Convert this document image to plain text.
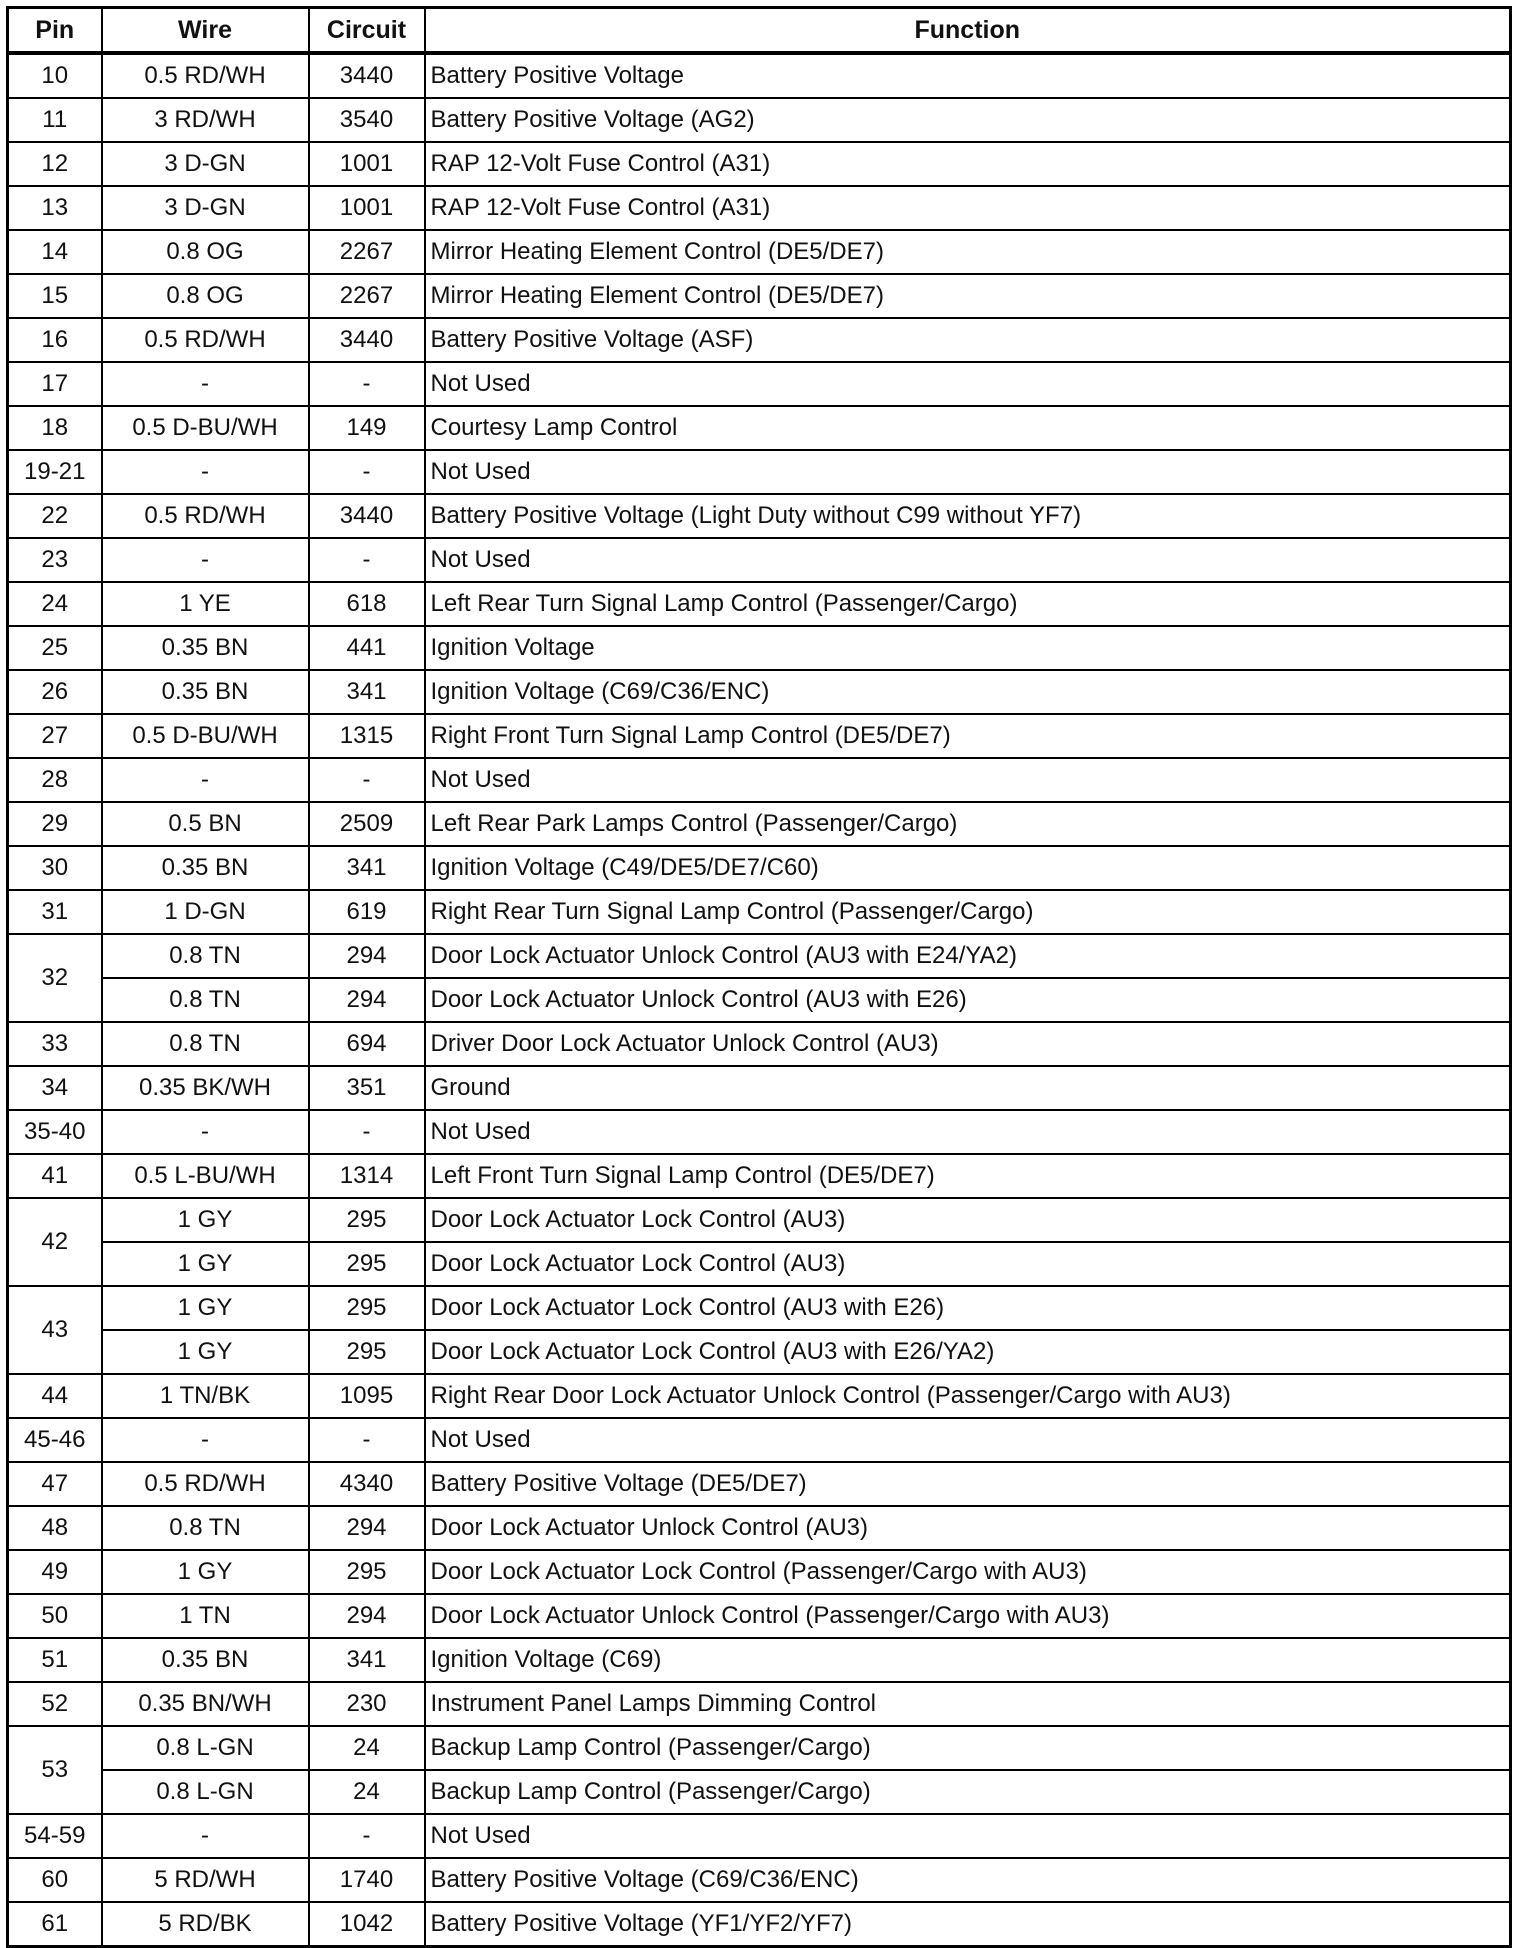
Pin	Wire	Circuit	Function
10	0.5 RD/WH	3440	Battery Positive Voltage
11	3 RD/WH	3540	Battery Positive Voltage (AG2)
12	3 D-GN	1001	RAP 12-Volt Fuse Control (A31)
13	3 D-GN	1001	RAP 12-Volt Fuse Control (A31)
14	0.8 OG	2267	Mirror Heating Element Control (DE5/DE7)
15	0.8 OG	2267	Mirror Heating Element Control (DE5/DE7)
16	0.5 RD/WH	3440	Battery Positive Voltage (ASF)
17	-	-	Not Used
18	0.5 D-BU/WH	149	Courtesy Lamp Control
19-21	-	-	Not Used
22	0.5 RD/WH	3440	Battery Positive Voltage (Light Duty without C99 without YF7)
23	-	-	Not Used
24	1 YE	618	Left Rear Turn Signal Lamp Control (Passenger/Cargo)
25	0.35 BN	441	Ignition Voltage
26	0.35 BN	341	Ignition Voltage (C69/C36/ENC)
27	0.5 D-BU/WH	1315	Right Front Turn Signal Lamp Control (DE5/DE7)
28	-	-	Not Used
29	0.5 BN	2509	Left Rear Park Lamps Control (Passenger/Cargo)
30	0.35 BN	341	Ignition Voltage (C49/DE5/DE7/C60)
31	1 D-GN	619	Right Rear Turn Signal Lamp Control (Passenger/Cargo)
32	0.8 TN	294	Door Lock Actuator Unlock Control (AU3 with E24/YA2)
	0.8 TN	294	Door Lock Actuator Unlock Control (AU3 with E26)
33	0.8 TN	694	Driver Door Lock Actuator Unlock Control (AU3)
34	0.35 BK/WH	351	Ground
35-40	-	-	Not Used
41	0.5 L-BU/WH	1314	Left Front Turn Signal Lamp Control (DE5/DE7)
42	1 GY	295	Door Lock Actuator Lock Control (AU3)
	1 GY	295	Door Lock Actuator Lock Control (AU3)
43	1 GY	295	Door Lock Actuator Lock Control (AU3 with E26)
	1 GY	295	Door Lock Actuator Lock Control (AU3 with E26/YA2)
44	1 TN/BK	1095	Right Rear Door Lock Actuator Unlock Control (Passenger/Cargo with AU3)
45-46	-	-	Not Used
47	0.5 RD/WH	4340	Battery Positive Voltage (DE5/DE7)
48	0.8 TN	294	Door Lock Actuator Unlock Control (AU3)
49	1 GY	295	Door Lock Actuator Lock Control (Passenger/Cargo with AU3)
50	1 TN	294	Door Lock Actuator Unlock Control (Passenger/Cargo with AU3)
51	0.35 BN	341	Ignition Voltage (C69)
52	0.35 BN/WH	230	Instrument Panel Lamps Dimming Control
53	0.8 L-GN	24	Backup Lamp Control (Passenger/Cargo)
	0.8 L-GN	24	Backup Lamp Control (Passenger/Cargo)
54-59	-	-	Not Used
60	5 RD/WH	1740	Battery Positive Voltage (C69/C36/ENC)
61	5 RD/BK	1042	Battery Positive Voltage (YF1/YF2/YF7)
